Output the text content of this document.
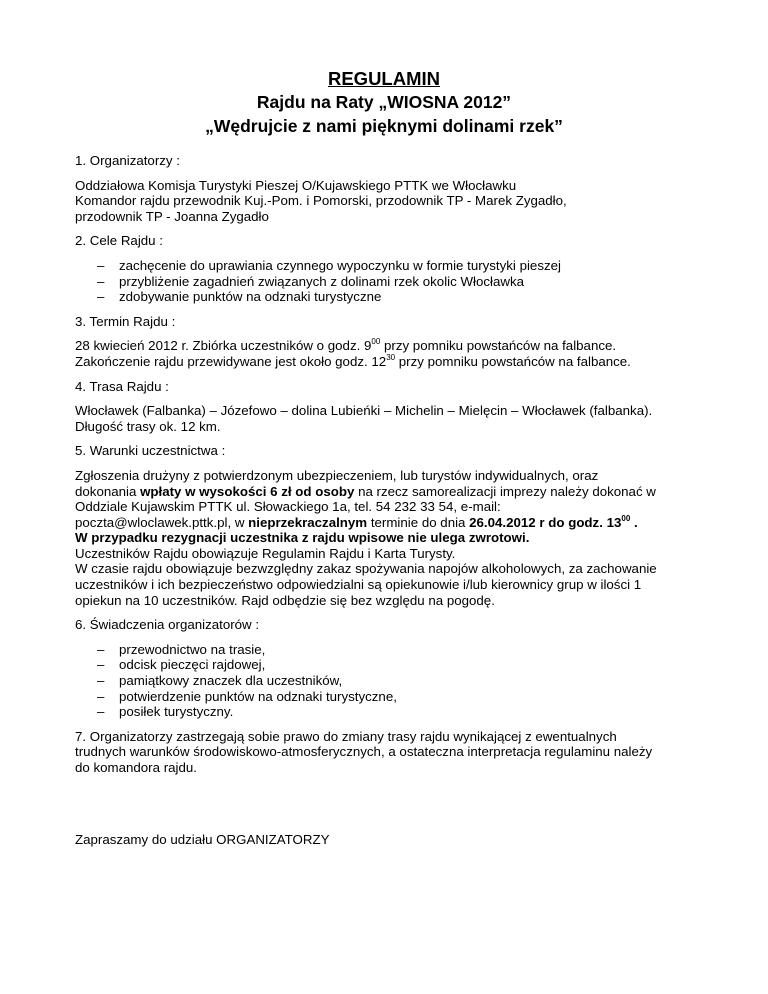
REGULAMIN
Rajdu na Raty „WIOSNA 2012”
„Wędrujcie z nami pięknymi dolinami rzek”

1. Organizatorzy :

Oddziałowa Komisja Turystyki Pieszej O/Kujawskiego PTTK we Włocławku

Komandor rajdu przewodnik Kuj.-Pom. i Pomorski, przodownik TP - Marek Zygadło,

przodownik TP - Joanna Zygadło

2. Cele Rajdu :

– zachęcenie do uprawiania czynnego wypoczynku w formie turystyki pieszej
– przybliżenie zagadnień związanych z dolinami rzek okolic Włocławka
– zdobywanie punktów na odznaki turystyczne

3. Termin Rajdu :

28 kwiecień 2012 r. Zbiórka uczestników o godz. $9^{00}$ przy pomniku powstańców na falbance.

Zakończenie rajdu przewidywane jest około godz. $12^{30}$ przy pomniku powstańców na falbance.

4. Trasa Rajdu :

Włocławek (Falbanka) – Józefowo – dolina Lubieńki – Michelin – Mielęcin – Włocławek (falbanka).

Długość trasy ok. 12 km.

5. Warunki uczestnictwa :

Zgłoszenia drużyny z potwierdzonym ubezpieczeniem, lub turystów indywidualnych, oraz

dokonania wpłaty w wysokości 6 zł od osoby na rzecz samorealizacji imprezy należy dokonać w

Oddziale Kujawskim PTTK ul. Słowackiego 1a, tel. 54 232 33 54, e-mail:

poczta@wloclawek.pttk.pl, w nieprzekraczalnym terminie do dnia 26.04.2012 r do godz. $13^{00}$ .

W przypadku rezygnacji uczestnika z rajdu wpisowe nie ulega zwrotowi.

Uczestników Rajdu obowiązuje Regulamin Rajdu i Karta Turysty.

W czasie rajdu obowiązuje bezwzględny zakaz spożywania napojów alkoholowych, za zachowanie

uczestników i ich bezpieczeństwo odpowiedzialni są opiekunowie i/lub kierownicy grup w ilości 1

opiekun na 10 uczestników. Rajd odbędzie się bez względu na pogodę.

6. Świadczenia organizatorów :

– przewodnictwo na trasie,
– odcisk pieczęci rajdowej,
– pamiątkowy znaczek dla uczestników,
– potwierdzenie punktów na odznaki turystyczne,
– posiłek turystyczny.

7. Organizatorzy zastrzegają sobie prawo do zmiany trasy rajdu wynikającej z ewentualnych

trudnych warunków środowiskowo-atmosferycznych, a ostateczna interpretacja regulaminu należy

do komandora rajdu.

Zapraszamy do udziału ORGANIZATORZY
